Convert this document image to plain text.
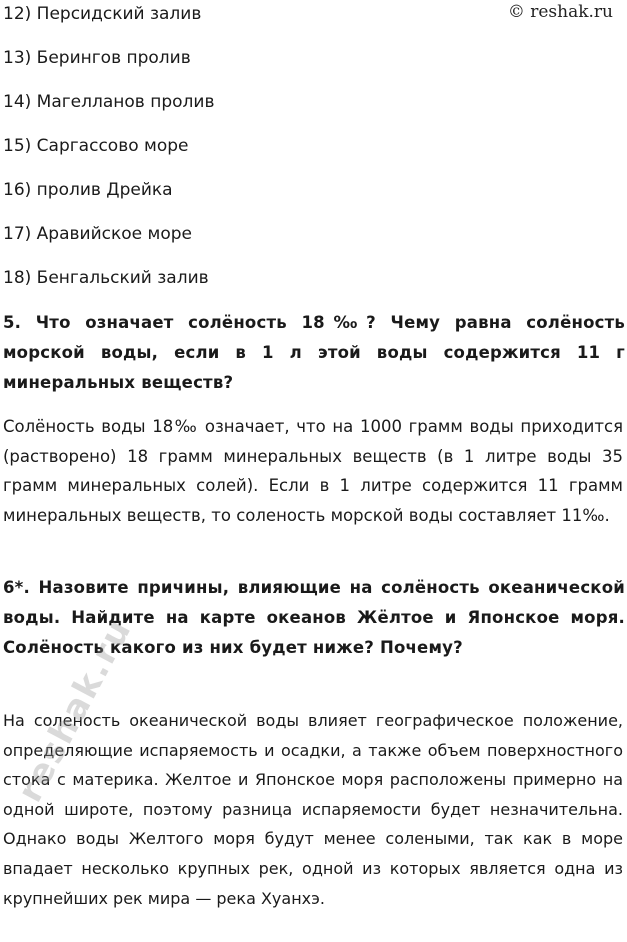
© reshak.ru
12) Персидский залив
13) Берингов пролив
14) Магелланов пролив
15) Саргассово море
16) пролив Дрейка
17) Аравийское море
18) Бенгальский залив
5. Что означает солёность 18‰? Чему равна солёность морской воды, если в 1 л этой воды содержится 11 г минеральных веществ?
Солёность воды 18‰ означает, что на 1000 грамм воды приходится (растворено) 18 грамм минеральных веществ (в 1 литре воды 35 грамм минеральных солей). Если в 1 литре содержится 11 грамм минеральных веществ, то соленость морской воды составляет 11‰.
6*. Назовите причины, влияющие на солёность океанической воды. Найдите на карте океанов Жёлтое и Японское моря. Солёность какого из них будет ниже? Почему?
На соленость океанической воды влияет географическое положение, определяющие испаряемость и осадки, а также объем поверхностного стока с материка. Желтое и Японское моря расположены примерно на одной широте, поэтому разница испаряемости будет незначительна. Однако воды Желтого моря будут менее солеными, так как в море впадает несколько крупных рек, одной из которых является одна из крупнейших рек мира — река Хуанхэ.
reshak.ru
